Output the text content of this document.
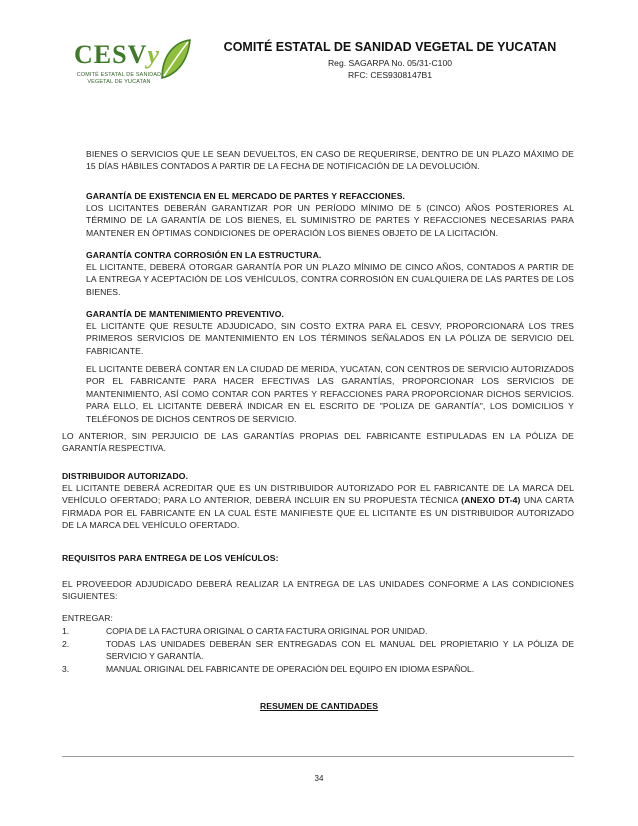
CESVy
COMITÉ ESTATAL DE SANIDAD VEGETAL DE YUCATAN
COMITÉ ESTATAL DE SANIDAD VEGETAL DE YUCATAN
Reg. SAGARPA No. 05/31-C100
RFC: CES9308147B1
BIENES O SERVICIOS QUE LE SEAN DEVUELTOS, EN CASO DE REQUERIRSE, DENTRO DE UN PLAZO MÁXIMO DE 15 DÍAS HÁBILES CONTADOS A PARTIR DE LA FECHA DE NOTIFICACIÓN DE LA DEVOLUCIÓN.
GARANTÍA DE EXISTENCIA EN EL MERCADO DE PARTES Y REFACCIONES.
LOS LICITANTES DEBERÁN GARANTIZAR POR UN PERÍODO MÍNIMO DE 5 (CINCO) AÑOS POSTERIORES AL TÉRMINO DE LA GARANTÍA DE LOS BIENES, EL SUMINISTRO DE PARTES Y REFACCIONES NECESARIAS PARA MANTENER EN ÓPTIMAS CONDICIONES DE OPERACIÓN LOS BIENES OBJETO DE LA LICITACIÓN.
GARANTÍA CONTRA CORROSIÓN EN LA ESTRUCTURA.
EL LICITANTE, DEBERÁ OTORGAR GARANTÍA POR UN PLAZO MÍNIMO DE CINCO AÑOS, CONTADOS A PARTIR DE LA ENTREGA Y ACEPTACIÓN DE LOS VEHÍCULOS, CONTRA CORROSIÓN EN CUALQUIERA DE LAS PARTES DE LOS BIENES.
GARANTÍA DE MANTENIMIENTO PREVENTIVO.
EL LICITANTE QUE RESULTE ADJUDICADO, SIN COSTO EXTRA PARA EL CESVY, PROPORCIONARÁ LOS TRES PRIMEROS SERVICIOS DE MANTENIMIENTO EN LOS TÉRMINOS SEÑALADOS EN LA PÓLIZA DE SERVICIO DEL FABRICANTE.
EL LICITANTE DEBERÁ CONTAR EN LA CIUDAD DE MERIDA, YUCATAN, CON CENTROS DE SERVICIO AUTORIZADOS POR EL FABRICANTE PARA HACER EFECTIVAS LAS GARANTÍAS, PROPORCIONAR LOS SERVICIOS DE MANTENIMIENTO, ASÍ COMO CONTAR CON PARTES Y REFACCIONES PARA PROPORCIONAR DICHOS SERVICIOS. PARA ELLO, EL LICITANTE DEBERÁ INDICAR EN EL ESCRITO DE "POLIZA DE GARANTÍA", LOS DOMICILIOS Y TELÉFONOS DE DICHOS CENTROS DE SERVICIO.
LO ANTERIOR, SIN PERJUICIO DE LAS GARANTÍAS PROPIAS DEL FABRICANTE ESTIPULADAS EN LA PÓLIZA DE GARANTÍA RESPECTIVA.
DISTRIBUIDOR AUTORIZADO.
EL LICITANTE DEBERÁ ACREDITAR QUE ES UN DISTRIBUIDOR AUTORIZADO POR EL FABRICANTE DE LA MARCA DEL VEHÍCULO OFERTADO; PARA LO ANTERIOR, DEBERÁ INCLUIR EN SU PROPUESTA TÉCNICA (ANEXO DT-4) UNA CARTA FIRMADA POR EL FABRICANTE EN LA CUAL ÉSTE MANIFIESTE QUE EL LICITANTE ES UN DISTRIBUIDOR AUTORIZADO DE LA MARCA DEL VEHÍCULO OFERTADO.
REQUISITOS PARA ENTREGA DE LOS VEHÍCULOS:
EL PROVEEDOR ADJUDICADO DEBERÁ REALIZAR LA ENTREGA DE LAS UNIDADES CONFORME A LAS CONDICIONES SIGUIENTES:
ENTREGAR:
1.	COPIA DE LA FACTURA ORIGINAL O CARTA FACTURA ORIGINAL POR UNIDAD.
2.	TODAS LAS UNIDADES DEBERÁN SER ENTREGADAS CON EL MANUAL DEL PROPIETARIO Y LA PÓLIZA DE SERVICIO Y GARANTÍA.
3.	MANUAL ORIGINAL DEL FABRICANTE DE OPERACIÓN DEL EQUIPO EN IDIOMA ESPAÑOL.
RESUMEN DE CANTIDADES
34
